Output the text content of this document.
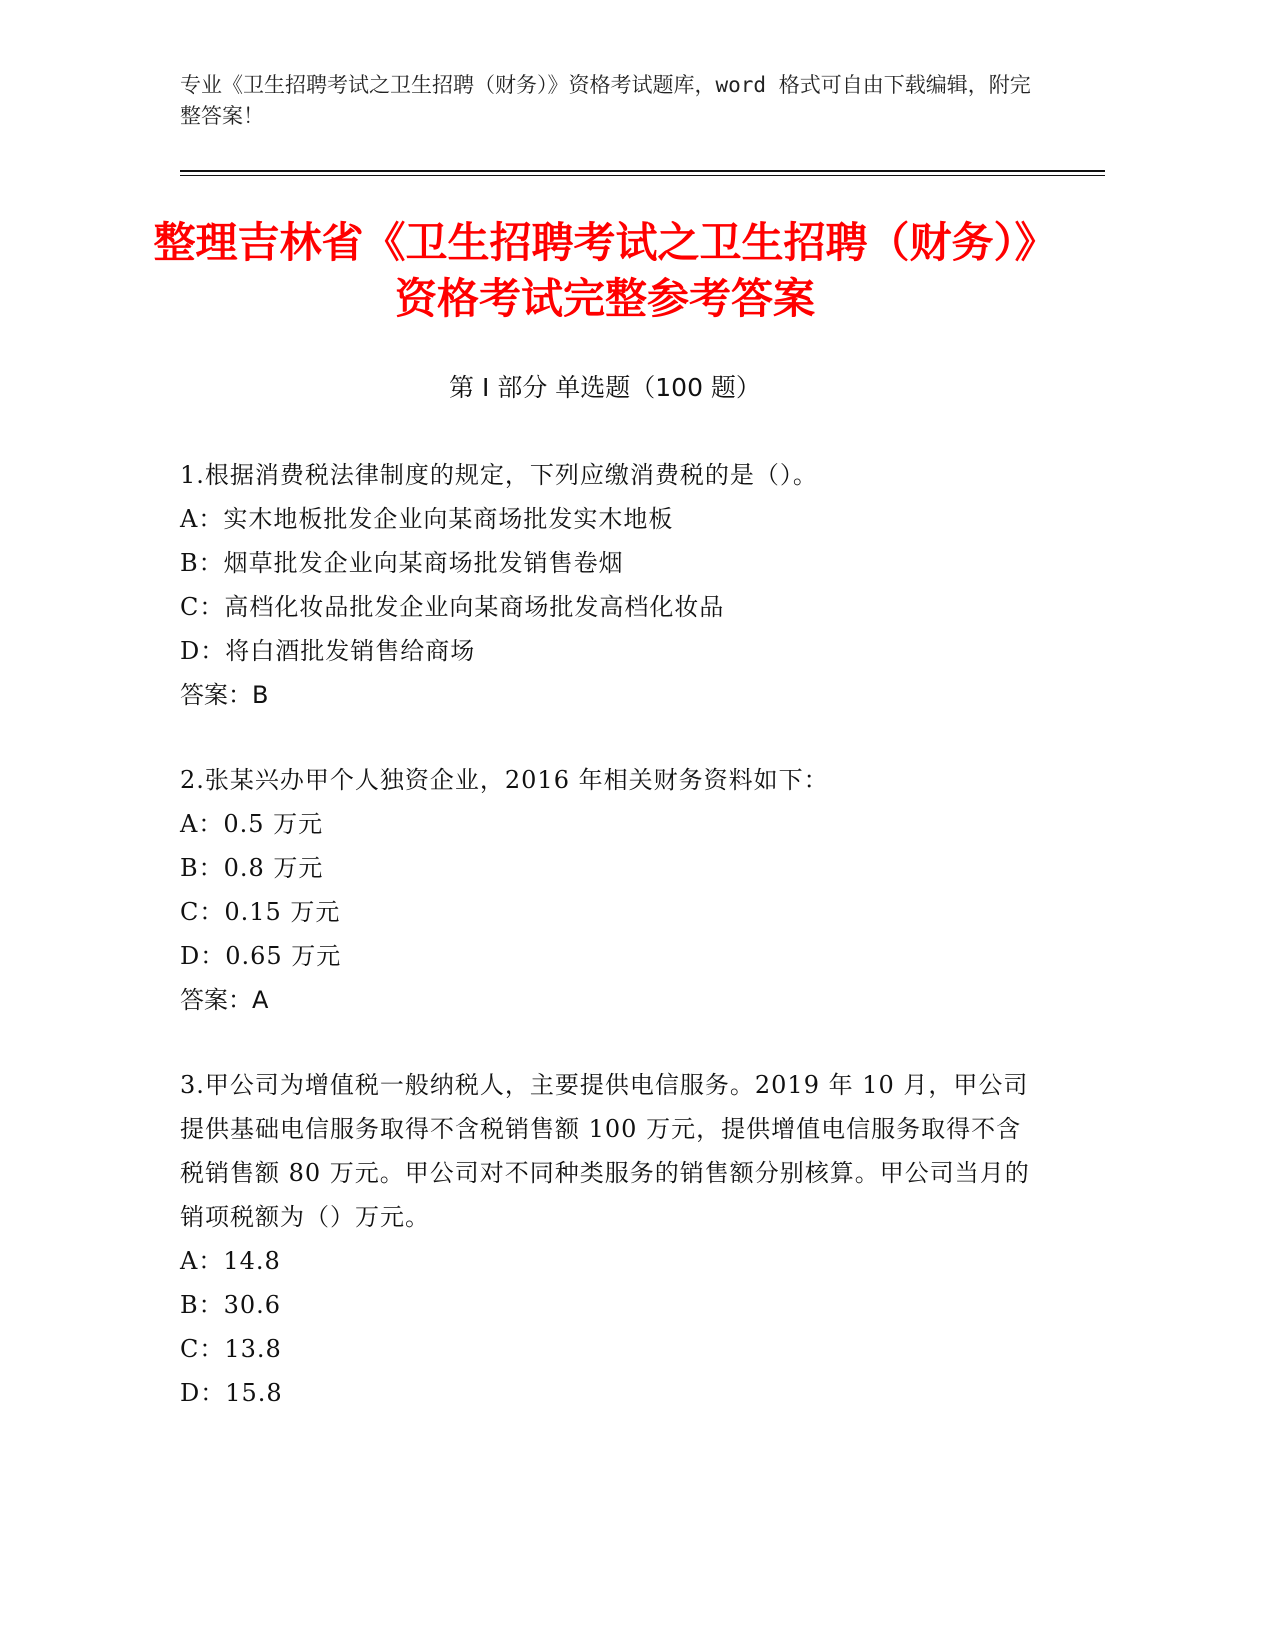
专业《卫生招聘考试之卫生招聘（财务）》资格考试题库，word 格式可自由下载编辑，附完整答案！
整理吉林省《卫生招聘考试之卫生招聘（财务）》资格考试完整参考答案
第 I 部分 单选题（100 题）
1.根据消费税法律制度的规定，下列应缴消费税的是（）。
A：实木地板批发企业向某商场批发实木地板
B：烟草批发企业向某商场批发销售卷烟
C：高档化妆品批发企业向某商场批发高档化妆品
D：将白酒批发销售给商场
答案：B
2.张某兴办甲个人独资企业，2016 年相关财务资料如下：
A：0.5 万元
B：0.8 万元
C：0.15 万元
D：0.65 万元
答案：A
3.甲公司为增值税一般纳税人，主要提供电信服务。2019 年 10 月，甲公司提供基础电信服务取得不含税销售额 100 万元，提供增值电信服务取得不含税销售额 80 万元。甲公司对不同种类服务的销售额分别核算。甲公司当月的销项税额为（）万元。
A：14.8
B：30.6
C：13.8
D：15.8
